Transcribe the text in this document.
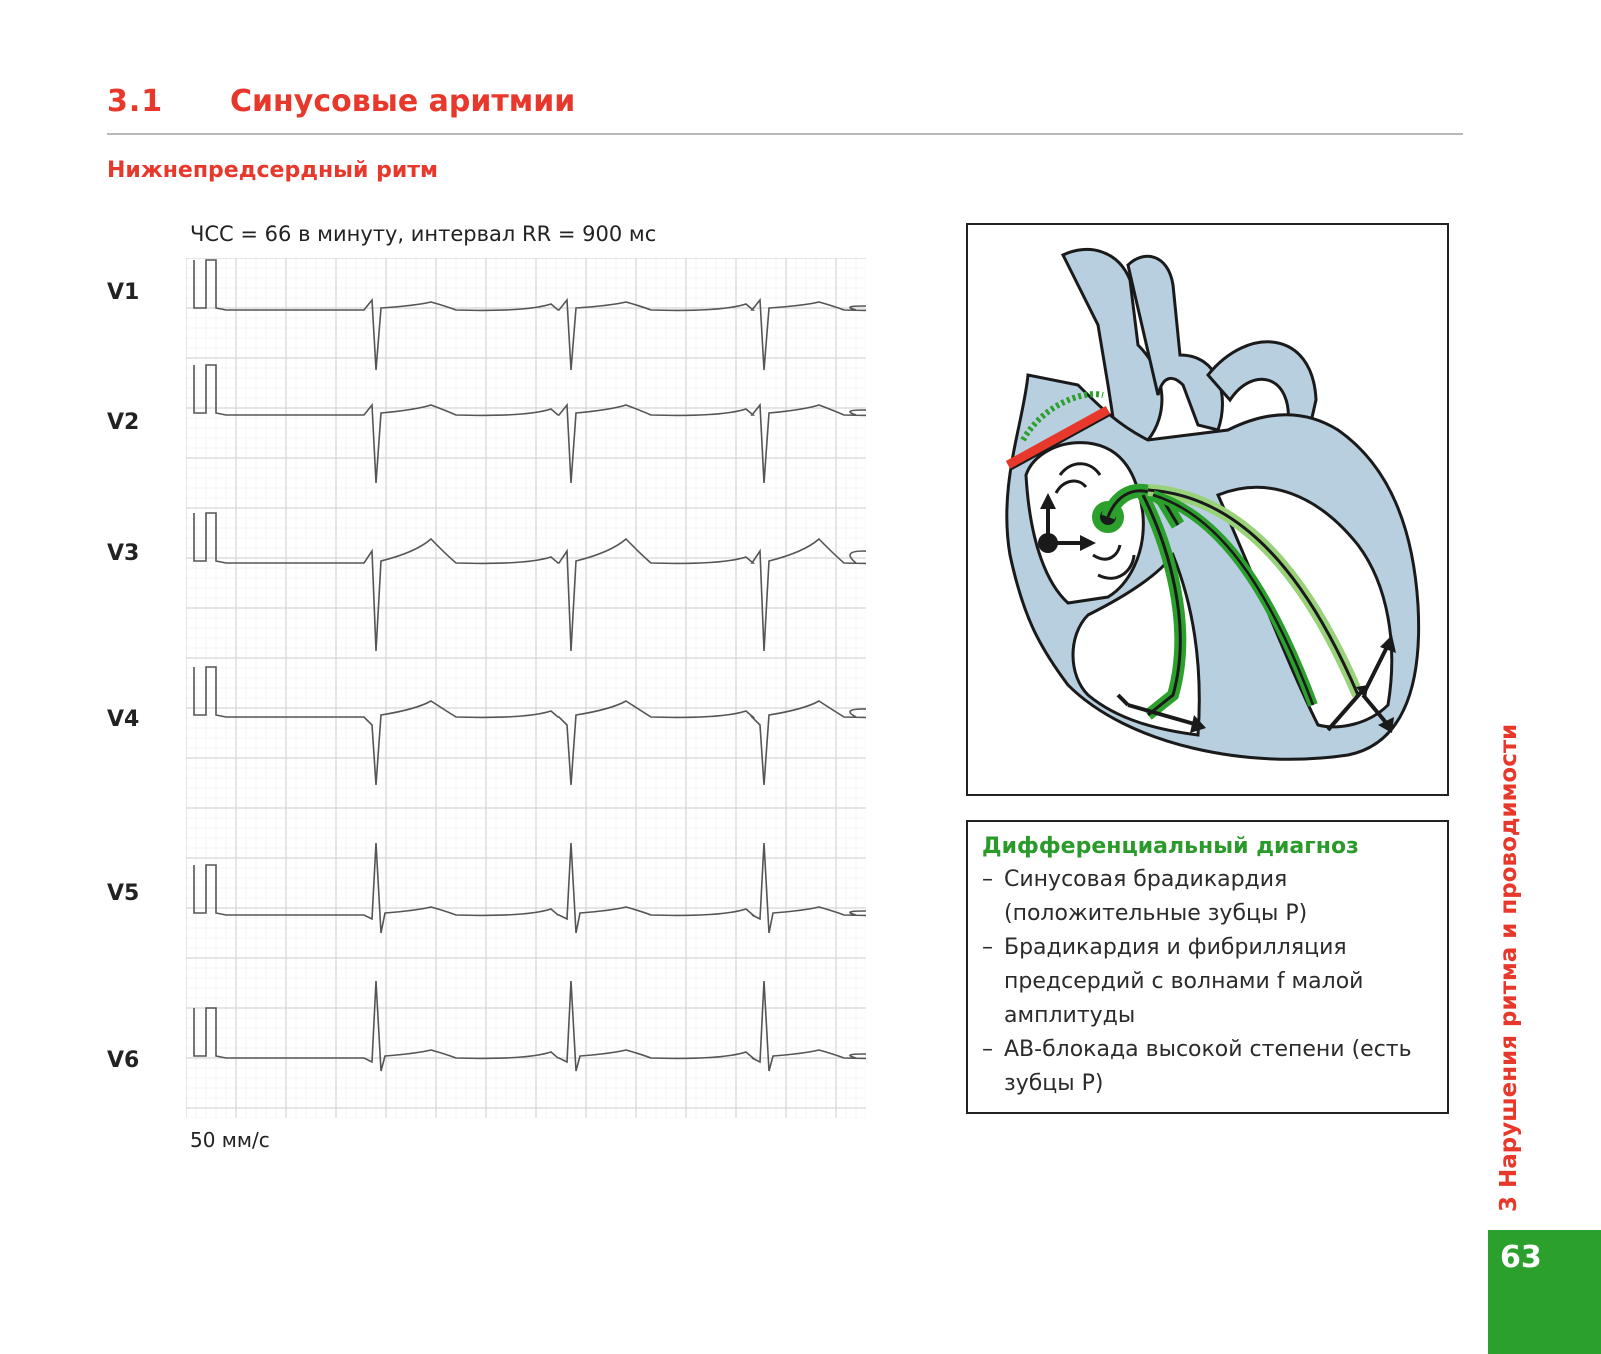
3.1 Синусовые аритмии
Нижнепредсердный ритм
ЧСС = 66 в минуту, интервал RR = 900 мс
V1
V2
V3
V4
V5
V6
50 мм/с
Дифференциальный диагноз
– Синусовая брадикардия (положительные зубцы P)
– Брадикардия и фибрилляция предсердий с волнами f малой амплитуды
– АВ-блокада высокой степени (есть зубцы P)	3 Нарушения ритма и проводимости
63
